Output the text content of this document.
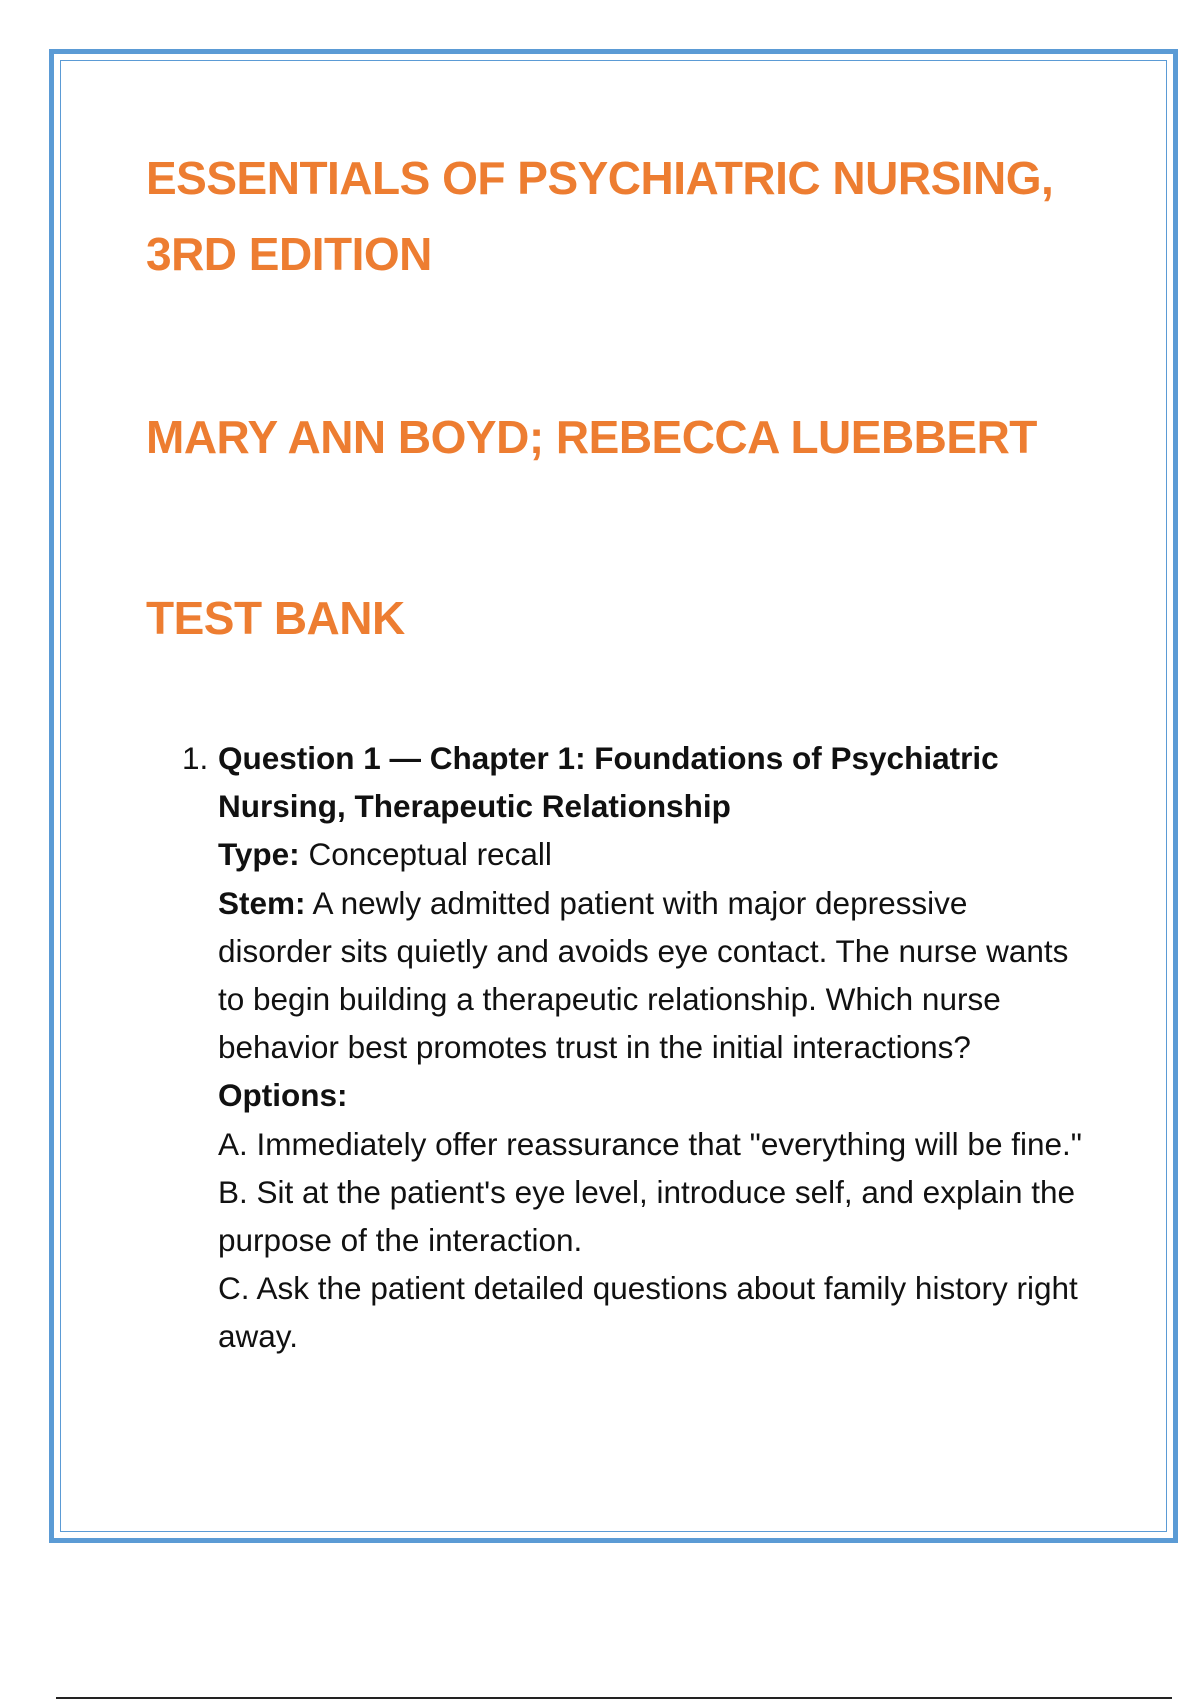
ESSENTIALS OF PSYCHIATRIC NURSING, 3RD EDITION
MARY ANN BOYD; REBECCA LUEBBERT
TEST BANK
1. Question 1 — Chapter 1: Foundations of Psychiatric Nursing, Therapeutic Relationship
Type: Conceptual recall
Stem: A newly admitted patient with major depressive disorder sits quietly and avoids eye contact. The nurse wants to begin building a therapeutic relationship. Which nurse behavior best promotes trust in the initial interactions?
Options:
A. Immediately offer reassurance that "everything will be fine."
B. Sit at the patient's eye level, introduce self, and explain the purpose of the interaction.
C. Ask the patient detailed questions about family history right away.
